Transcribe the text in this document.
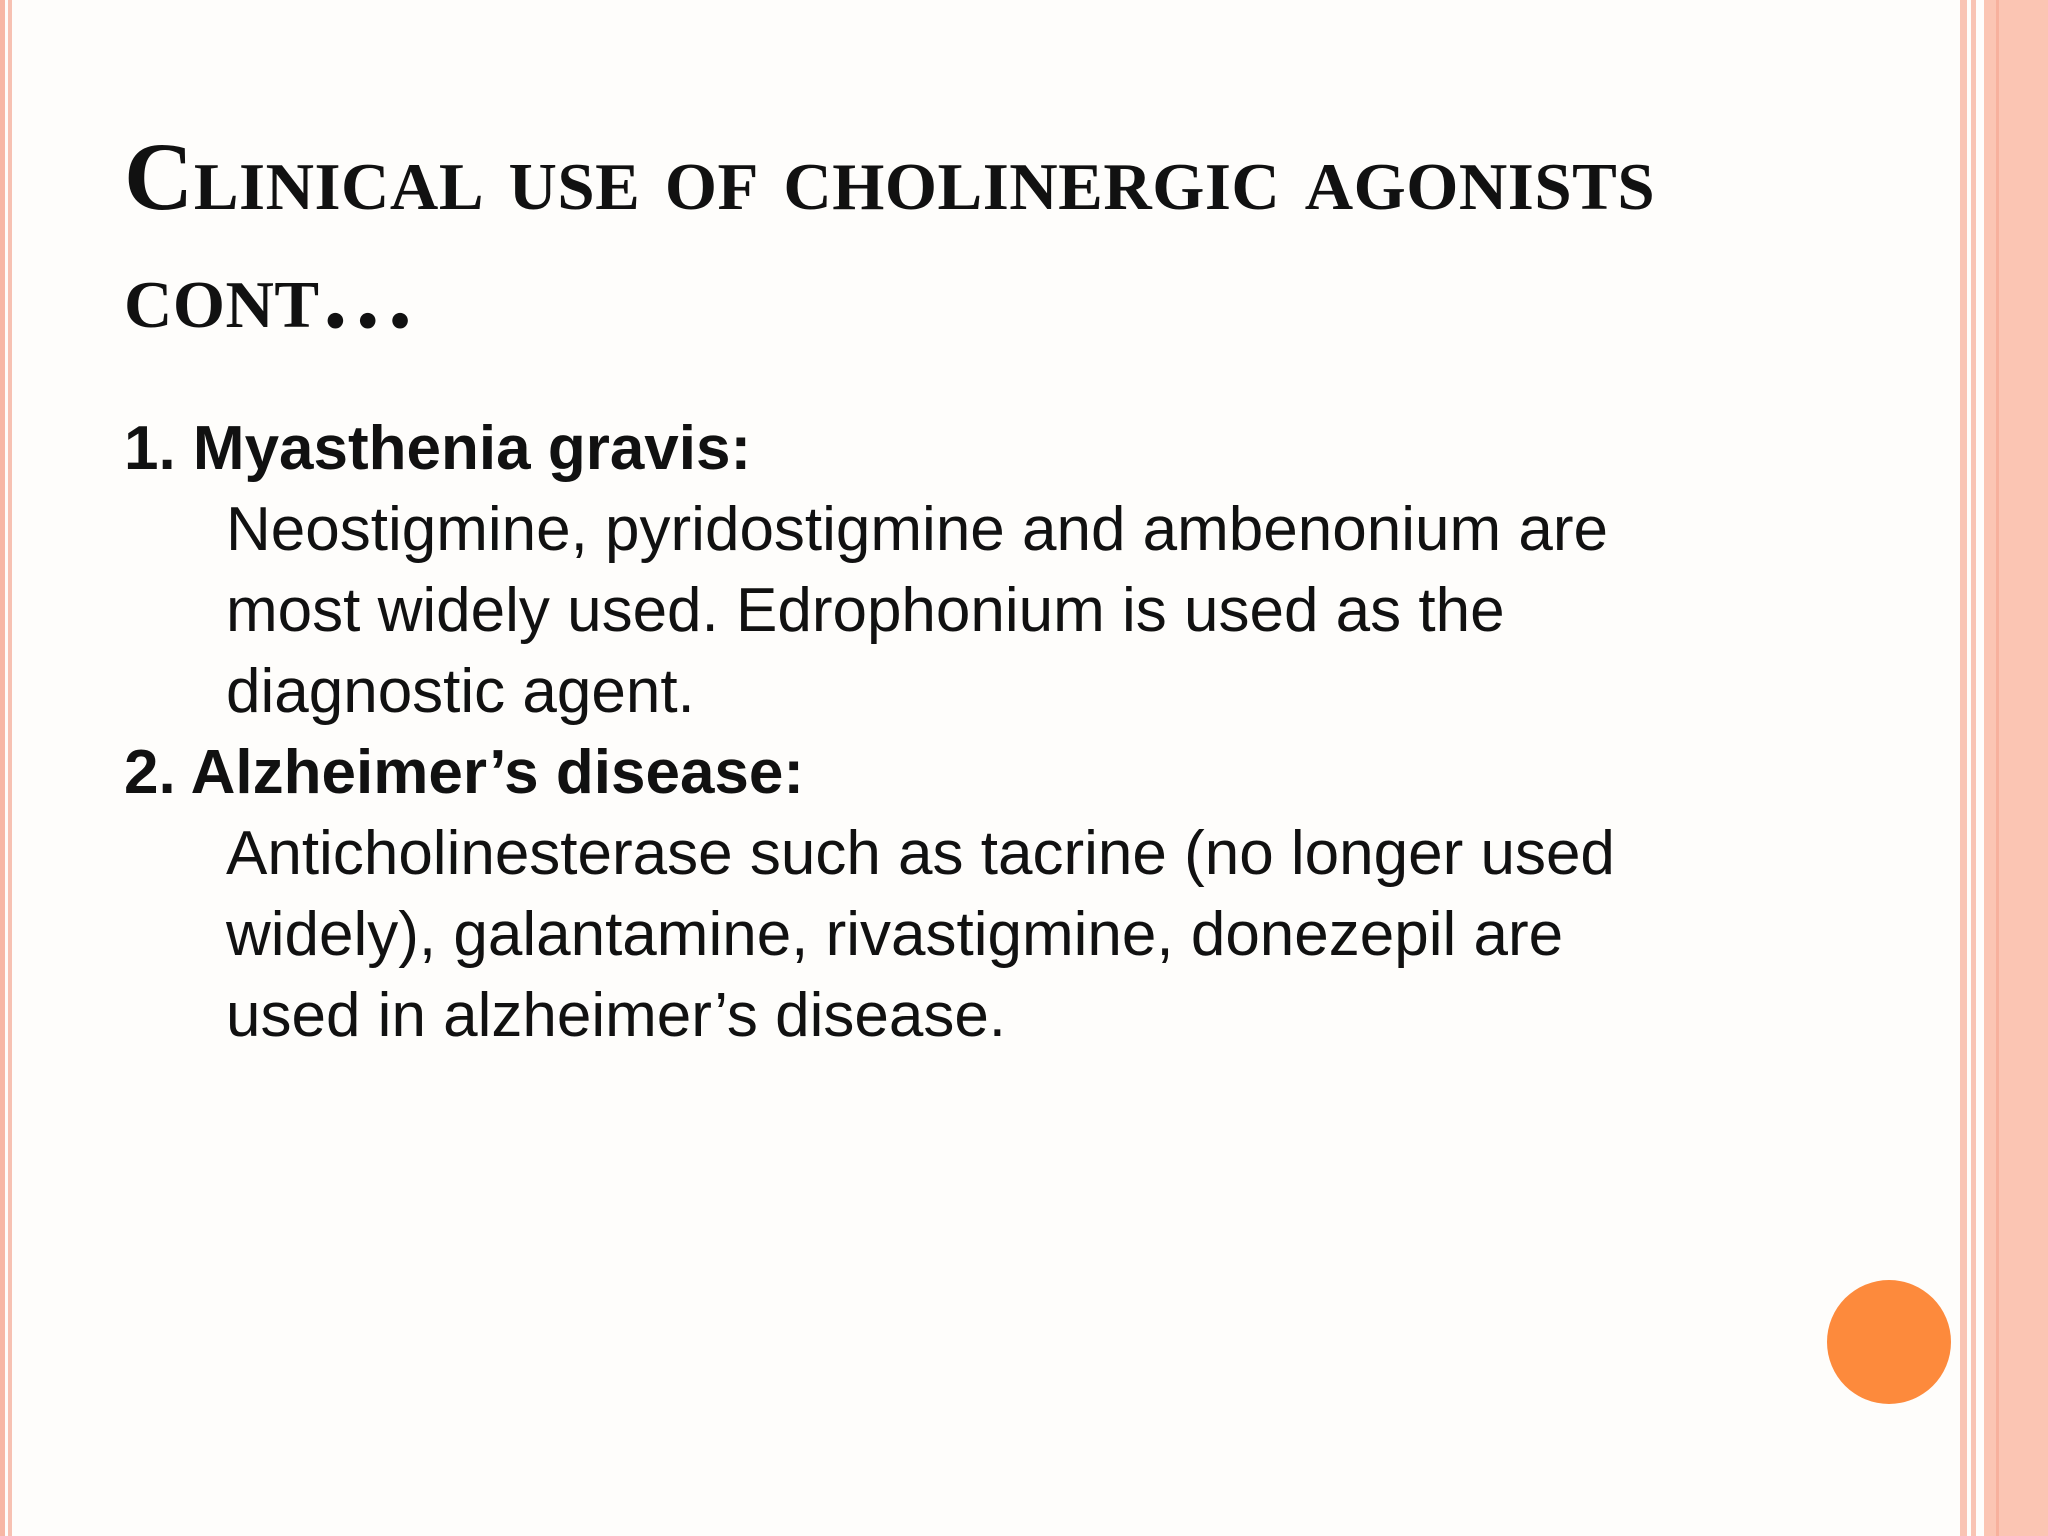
Clinical use of cholinergic agonists cont…
1. Myasthenia gravis:
Neostigmine, pyridostigmine and ambenonium are
most widely used. Edrophonium is used as the
diagnostic agent.
2. Alzheimer’s disease:
Anticholinesterase such as tacrine (no longer used
widely), galantamine, rivastigmine, donezepil are
used in alzheimer’s disease.
